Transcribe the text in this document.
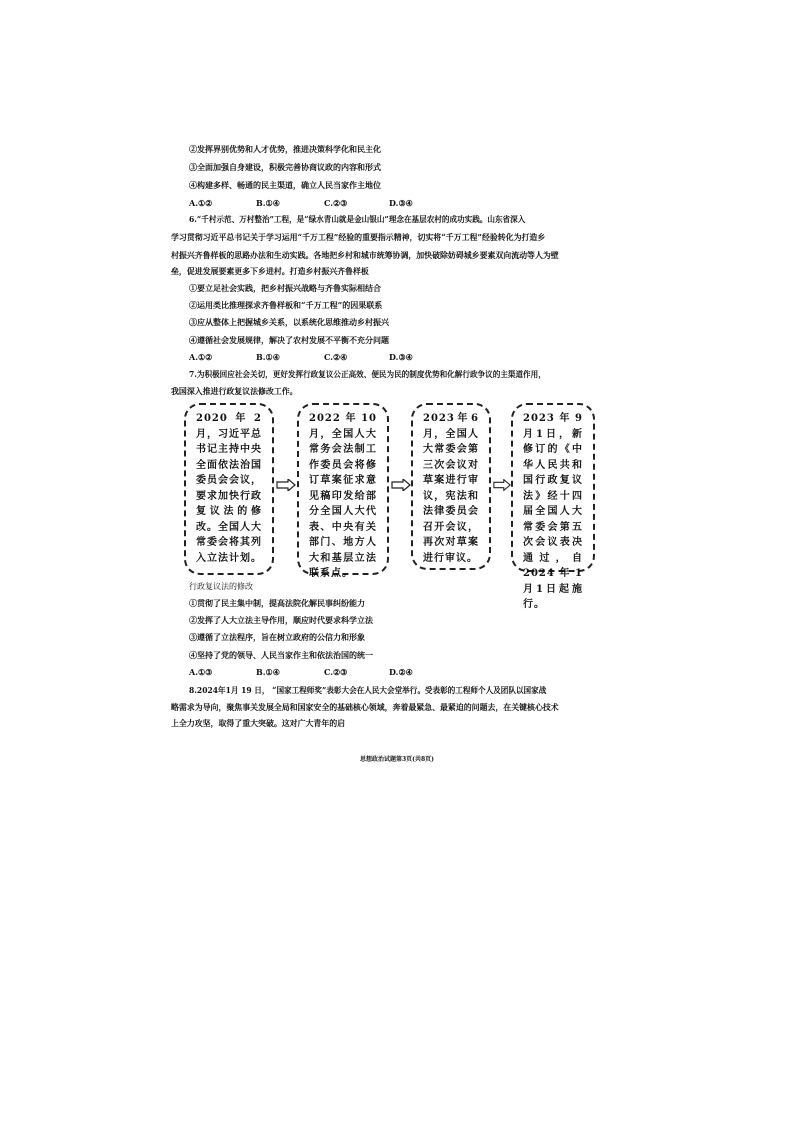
②发挥界别优势和人才优势，推进决策科学化和民主化
③全面加强自身建设，积极完善协商议政的内容和形式
④构建多样、畅通的民主渠道，确立人民当家作主地位
A.①②	B.①④	C.②③	D.③④
6.“千村示范、万村整治”工程，是“绿水青山就是金山银山”理念在基层农村的成功实践。山东省深入
学习贯彻习近平总书记关于学习运用“千万工程”经验的重要指示精神，切实将“千万工程”经验转化为打造乡
村振兴齐鲁样板的思路办法和生动实践。各地把乡村和城市统筹协调，加快破除妨碍城乡要素双向流动等人为壁
垒，促进发展要素更多下乡进村。打造乡村振兴齐鲁样板
①要立足社会实践，把乡村振兴战略与齐鲁实际相结合
②运用类比推理探求齐鲁样板和“千万工程”的因果联系
③应从整体上把握城乡关系，以系统化思维推动乡村振兴
④遵循社会发展规律，解决了农村发展不平衡不充分问题
A.①②	B.①④	C.②④	D.③④
7.为积极回应社会关切，更好发挥行政复议公正高效、便民为民的制度优势和化解行政争议的主渠道作用，
我国深入推进行政复议法修改工作。
2020年2月，习近平总书记主持中央全面依法治国委员会会议，要求加快行政复议法的修改。全国人大常委会将其列入立法计划。
2022年10月，全国人大常务会法制工作委员会将修订草案征求意见稿印发给部分全国人大代表、中央有关部门、地方人大和基层立法联系点。
2023年6月，全国人大常委会第三次会议对草案进行审议，宪法和法律委员会召开会议，再次对草案进行审议。
2023年9月1日，新修订的《中华人民共和国行政复议法》经十四届全国人大常委会第五次会议表决通过，自2024年1月1日起施行。
行政复议法的修改
①贯彻了民主集中制，提高法院化解民事纠纷能力
②发挥了人大立法主导作用，顺应时代要求科学立法
③遵循了立法程序，旨在树立政府的公信力和形象
④坚持了党的领导、人民当家作主和依法治国的统一
A.①③	B.①④	C.②③	D.②④
8.2024年1月 19 日， “国家工程师奖”表彰大会在人民大会堂举行。受表彰的工程师个人及团队以国家战
略需求为导向，聚焦事关发展全局和国家安全的基础核心领域，奔着最紧急、最紧迫的问题去，在关键核心技术
上全力攻坚，取得了重大突破。这对广大青年的启
思想政治试题第3页(共8页)
